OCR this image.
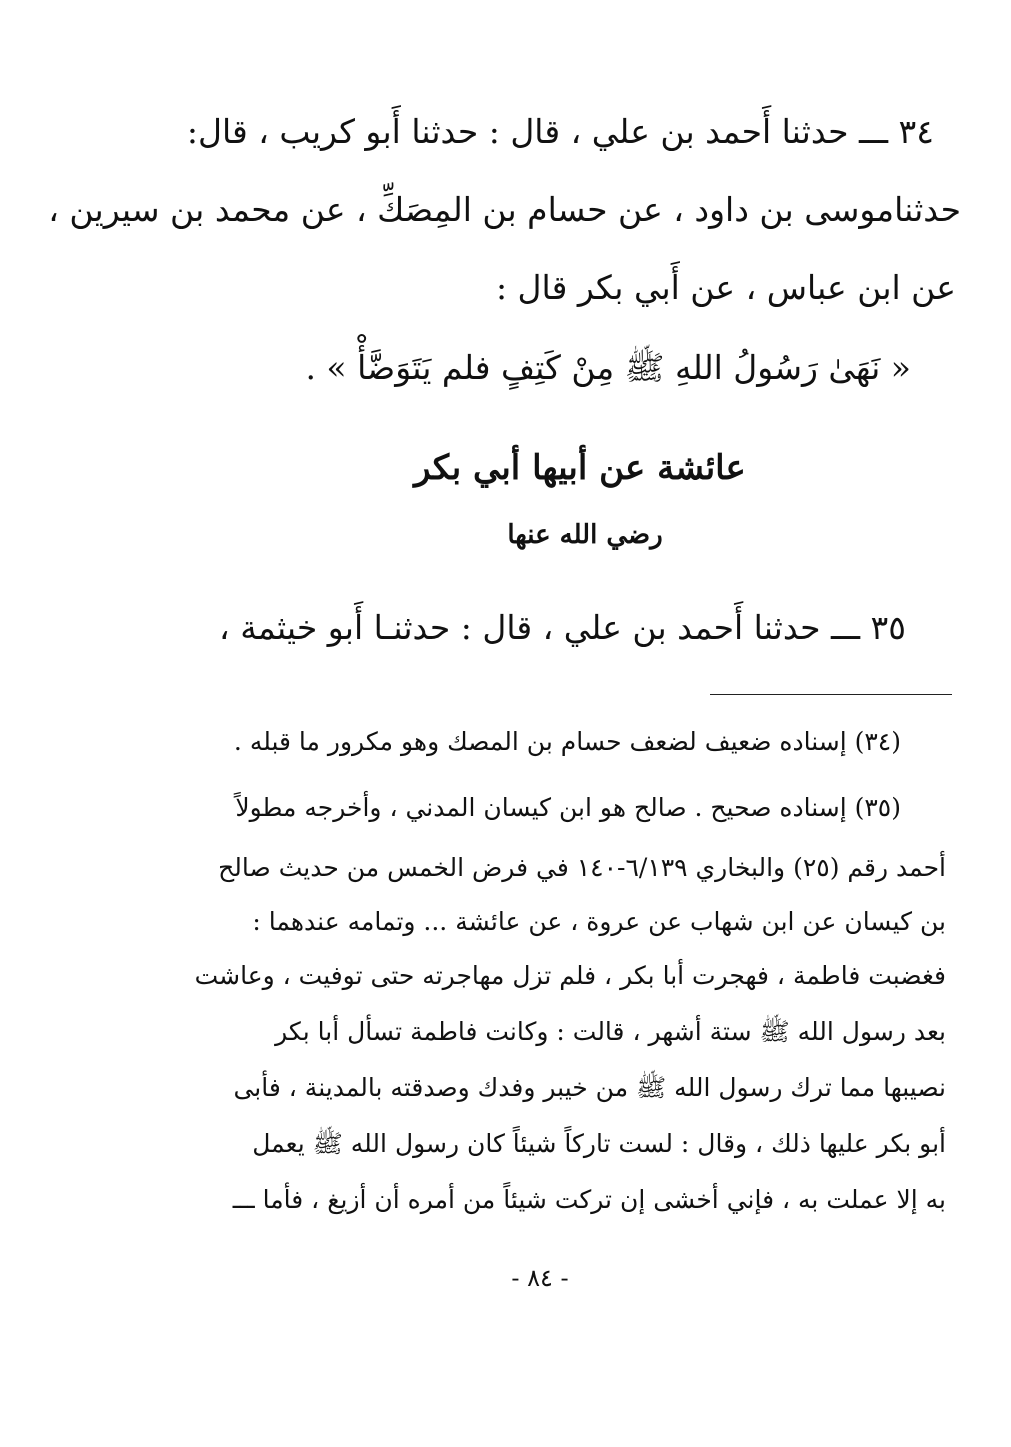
٣٤ ـــ حدثنا أَحمد بن علي ، قال : حدثنا أَبو كريب ، قال:
حدثناموسى بن داود ، عن حسام بن المِصَكِّ ، عن محمد بن سيرين ،
عن ابن عباس ، عن أَبي بكر قال :
« نَهَىٰ رَسُولُ اللهِ ﷺ مِنْ كَتِفٍ فلم يَتَوَضَّأْ » .
عائشة عن أبيها أبي بكر
رضي الله عنها
٣٥ ـــ حدثنا أَحمد بن علي ، قال : حدثنـا أَبو خيثمة ،
(٣٤) إسناده ضعيف لضعف حسام بن المصك وهو مكرور ما قبله .
(٣٥) إسناده صحيح . صالح هو ابن كيسان المدني ، وأخرجه مطولاً
أحمد رقم (٢٥) والبخاري ٦/١٣٩-١٤٠ في فرض الخمس من حديث صالح
بن كيسان عن ابن شهاب عن عروة ، عن عائشة ... وتمامه عندهما :
فغضبت فاطمة ، فهجرت أبا بكر ، فلم تزل مهاجرته حتى توفيت ، وعاشت
بعد رسول الله ﷺ ستة أشهر ، قالت : وكانت فاطمة تسأل أبا بكر
نصيبها مما ترك رسول الله ﷺ من خيبر وفدك وصدقته بالمدينة ، فأبى
أبو بكر عليها ذلك ، وقال : لست تاركاً شيئاً كان رسول الله ﷺ يعمل
به إلا عملت به ، فإني أخشى إن تركت شيئاً من أمره أن أزيغ ، فأما ـــ
- ٨٤ -
